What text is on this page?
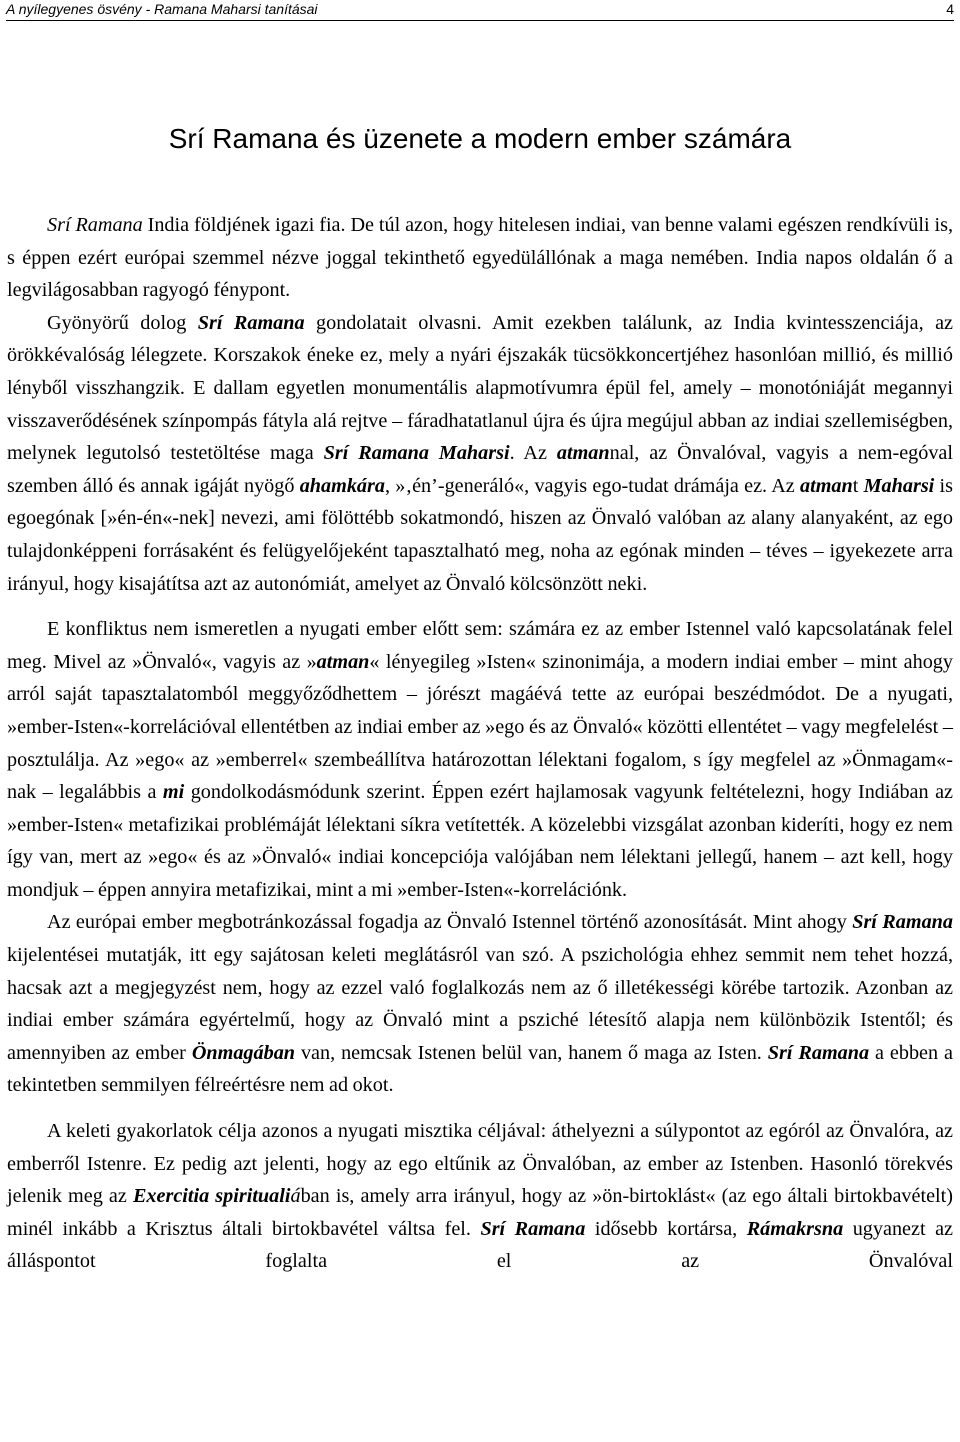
A nyílegyenes ösvény - Ramana Maharsi tanításai	4
Srí Ramana és üzenete a modern ember számára

Srí Ramana India földjének igazi fia. De túl azon, hogy hitelesen indiai, van benne valami egészen rendkívüli is, s éppen ezért európai szemmel nézve joggal tekinthető egyedülállónak a maga nemében. India napos oldalán ő a legvilágosabban ragyogó fénypont.

Gyönyörű dolog Srí Ramana gondolatait olvasni. Amit ezekben találunk, az India kvintesszenciája, az örökkévalóság lélegzete. Korszakok éneke ez, mely a nyári éjszakák tücsökkoncertjéhez hasonlóan millió, és millió lényből visszhangzik. E dallam egyetlen monumentális alapmotívumra épül fel, amely – monotóniáját megannyi visszaverődésének színpompás fátyla alá rejtve – fáradhatatlanul újra és újra megújul abban az indiai szellemiségben, melynek legutolsó testetöltése maga Srí Ramana Maharsi. Az atmannal, az Önvalóval, vagyis a nem-egóval szemben álló és annak igáját nyögő ahamkára, »‚én’-generáló«, vagyis ego-tudat drámája ez. Az atmant Maharsi is egoegónak [»én-én«-nek] nevezi, ami fölöttébb sokatmondó, hiszen az Önvaló valóban az alany alanyaként, az ego tulajdonképpeni forrásaként és felügyelőjeként tapasztalható meg, noha az egónak minden – téves – igyekezete arra irányul, hogy kisajátítsa azt az autonómiát, amelyet az Önvaló kölcsönzött neki.

E konfliktus nem ismeretlen a nyugati ember előtt sem: számára ez az ember Istennel való kapcsolatának felel meg. Mivel az »Önvaló«, vagyis az »atman« lényegileg »Isten« szinonimája, a modern indiai ember – mint ahogy arról saját tapasztalatomból meggyőződhettem – jórészt magáévá tette az európai beszédmódot. De a nyugati, »ember-Isten«-korrelációval ellentétben az indiai ember az »ego és az Önvaló« közötti ellentétet – vagy megfelelést – posztulálja. Az »ego« az »emberrel« szembeállítva határozottan lélektani fogalom, s így megfelel az »Önmagam«-nak – legalábbis a mi gondolkodásmódunk szerint. Éppen ezért hajlamosak vagyunk feltételezni, hogy Indiában az »ember-Isten« metafizikai problémáját lélektani síkra vetítették. A közelebbi vizsgálat azonban kideríti, hogy ez nem így van, mert az »ego« és az »Önvaló« indiai koncepciója valójában nem lélektani jellegű, hanem – azt kell, hogy mondjuk – éppen annyira metafizikai, mint a mi »ember-Isten«-korrelációnk.

Az európai ember megbotránkozással fogadja az Önvaló Istennel történő azonosítását. Mint ahogy Srí Ramana kijelentései mutatják, itt egy sajátosan keleti meglátásról van szó. A pszichológia ehhez semmit nem tehet hozzá, hacsak azt a megjegyzést nem, hogy az ezzel való foglalkozás nem az ő illetékességi körébe tartozik. Azonban az indiai ember számára egyértelmű, hogy az Önvaló mint a psziché létesítő alapja nem különbözik Istentől; és amennyiben az ember Önmagában van, nemcsak Istenen belül van, hanem ő maga az Isten. Srí Ramana a ebben a tekintetben semmilyen félreértésre nem ad okot.

A keleti gyakorlatok célja azonos a nyugati misztika céljával: áthelyezni a súlypontot az egóról az Önvalóra, az emberről Istenre. Ez pedig azt jelenti, hogy az ego eltűnik az Önvalóban, az ember az Istenben. Hasonló törekvés jelenik meg az Exercitia spiritualiában is, amely arra irányul, hogy az »ön-birtoklást« (az ego általi birtokbavételt) minél inkább a Krisztus általi birtokbavétel váltsa fel. Srí Ramana idősebb kortársa, Rámakrsna ugyanezt az álláspontot foglalta el az Önvalóval
